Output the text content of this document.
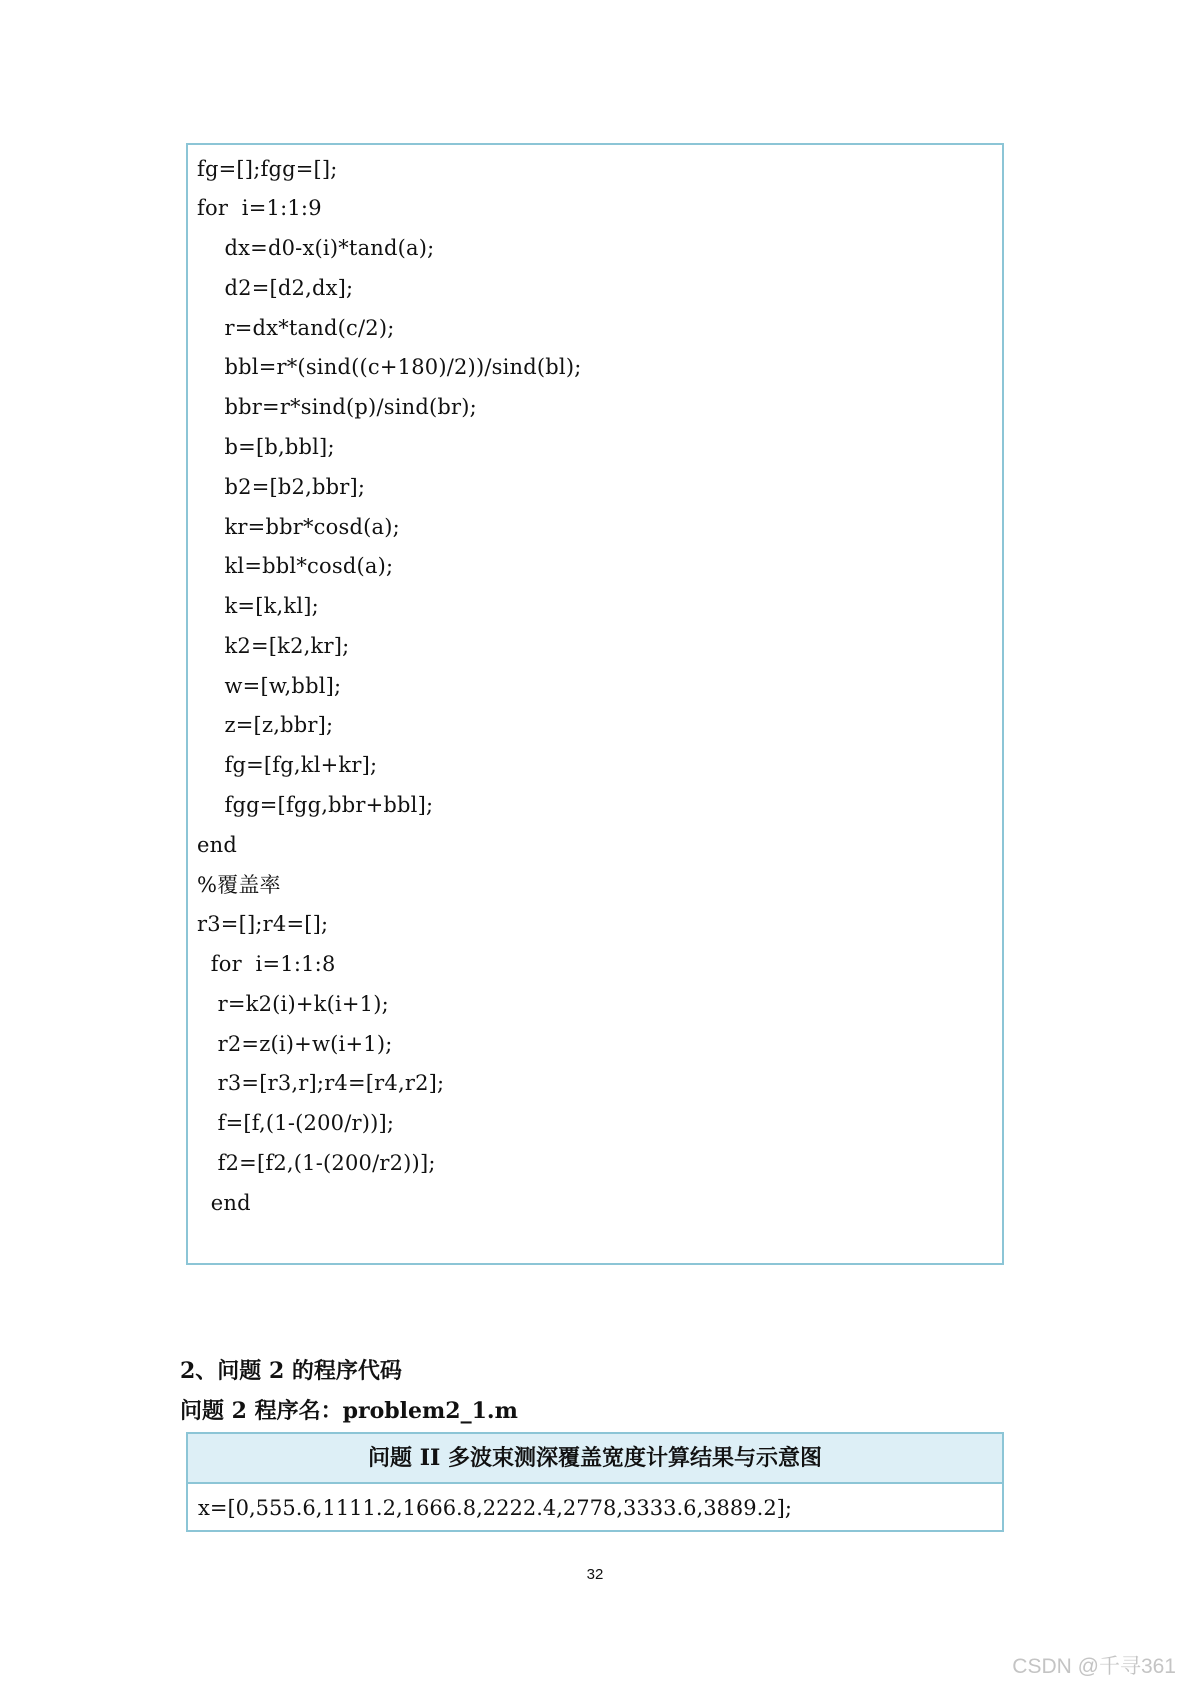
fg=[];fgg=[];
for  i=1:1:9
dx=d0-x(i)*tand(a);
d2=[d2,dx];
r=dx*tand(c/2);
bbl=r*(sind((c+180)/2))/sind(bl);
bbr=r*sind(p)/sind(br);
b=[b,bbl];
b2=[b2,bbr];
kr=bbr*cosd(a);
kl=bbl*cosd(a);
k=[k,kl];
k2=[k2,kr];
w=[w,bbl];
z=[z,bbr];
fg=[fg,kl+kr];
fgg=[fgg,bbr+bbl];
end
%覆盖率
r3=[];r4=[];
for  i=1:1:8
r=k2(i)+k(i+1);
r2=z(i)+w(i+1);
r3=[r3,r];r4=[r4,r2];
f=[f,(1-(200/r))];
f2=[f2,(1-(200/r2))];
end
2、问题 2 的程序代码
问题 2 程序名：problem2_1.m
问题 II 多波束测深覆盖宽度计算结果与示意图
x=[0,555.6,1111.2,1666.8,2222.4,2778,3333.6,3889.2];
32
CSDN @千寻361
